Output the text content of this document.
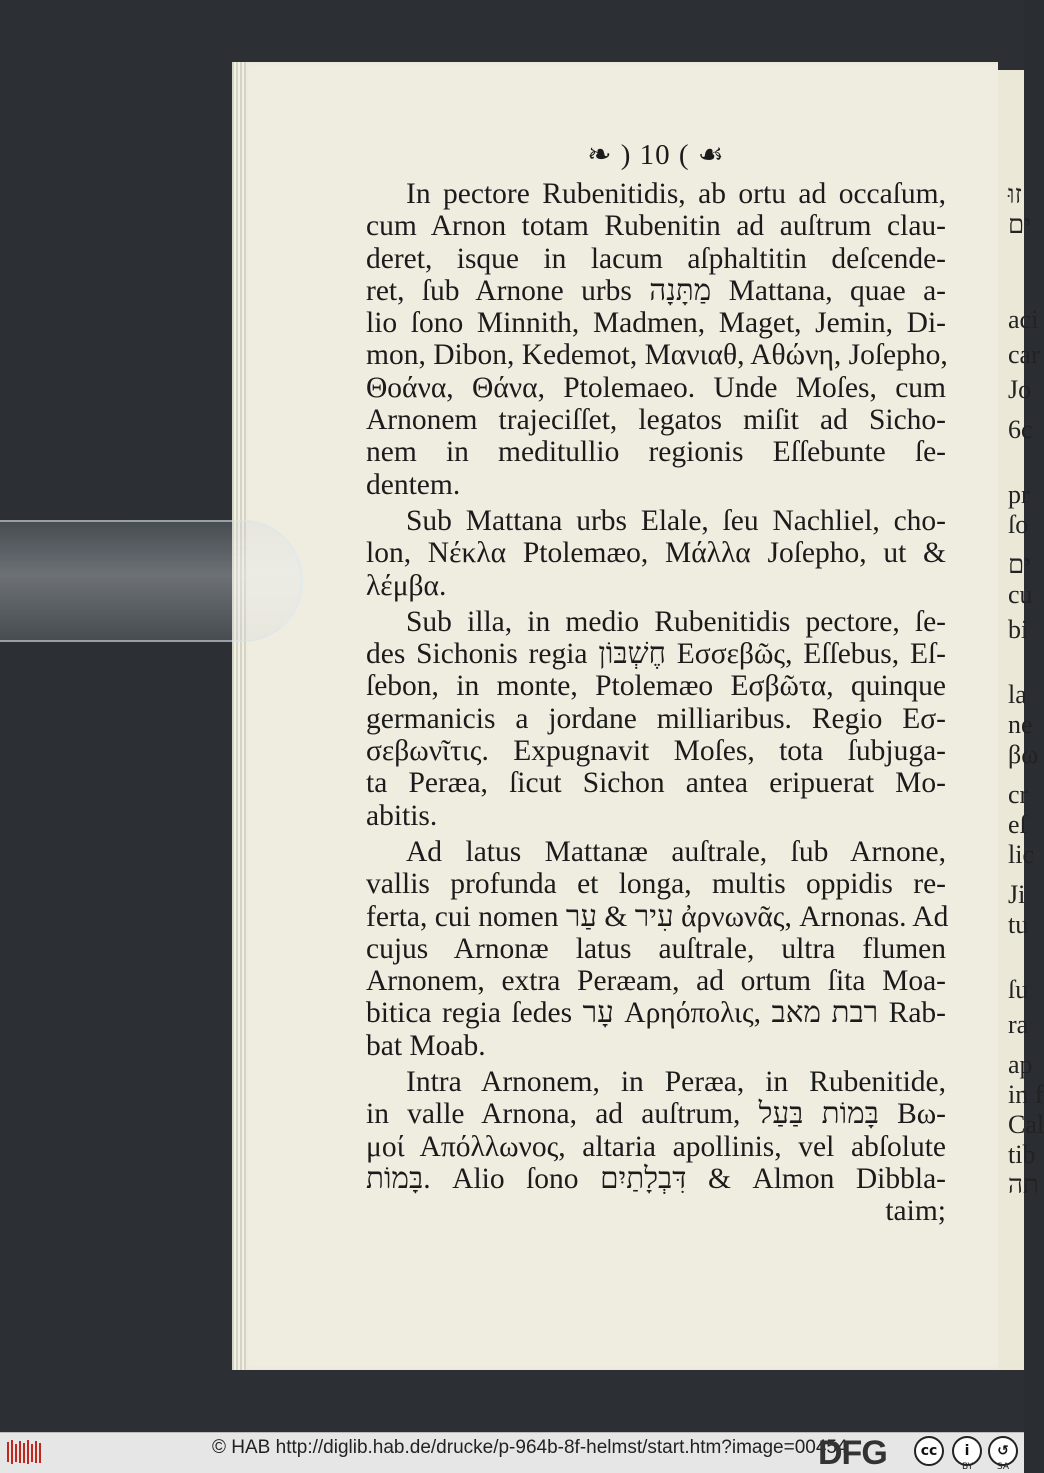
זוּ
ים
aci
car
Jo
6c
pr
ſo
ים
cu
bi
la
ne
βω
cr
eſ
lic
Ji
tu
ſu
ra
ap
in f
Cal
tib
תה
❧ ) 10 ( ☙
In pectore Rubenitidis, ab ortu ad occaſum,
cum Arnon totam Rubenitin ad auſtrum clau-
deret, isque in lacum aſphaltitin deſcende-
ret, ſub Arnone urbs מַתָּנָה Mattana, quae a-
lio ſono Minnith, Madmen, Maget, Jemin, Di-
mon, Dibon, Kedemot, Μανιαθ, Αθώνη, Joſepho,
Θοάνα, Θάνα, Ptolemaeo. Unde Moſes, cum
Arnonem trajeciſſet, legatos miſit ad Sicho-
nem in meditullio regionis Eſſebunte ſe-
dentem.
Sub Mattana urbs Elale, ſeu Nachliel, cho-
lon, Νέκλα Ptolemæo, Μάλλα Joſepho, ut &
λέμβα.
Sub illa, in medio Rubenitidis pectore, ſe-
des Sichonis regia חֶשְׁבּוֹן Εσσεβῶς, Eſſebus, Eſ-
ſebon, in monte, Ptolemæo Εσβῶτα, quinque
germanicis a jordane milliaribus. Regio Εσ-
σεβωνῖτις. Expugnavit Moſes, tota ſubjuga-
ta Peræa, ſicut Sichon antea eripuerat Mo-
abitis.
Ad latus Mattanæ auſtrale, ſub Arnone,
vallis profunda et longa, multis oppidis re-
ferta, cui nomen עִיר & עַר ἀρνωνᾶς, Arnonas. Ad
cujus Arnonæ latus auſtrale, ultra flumen
Arnonem, extra Peræam, ad ortum ſita Moa-
bitica regia ſedes עָר Αρηόπολις, רבת מאב Rab-
bat Moab.
Intra Arnonem, in Peræa, in Rubenitide,
in valle Arnona, ad auſtrum, בָּמוֹת בַּעַל Βω-
μοί Απόλλωνος, altaria apollinis, vel abſolute
בָּמוֹת. Alio ſono דִּבְלָתַיִם & Almon Dibbla-
taim;
© HAB http://diglib.hab.de/drucke/p-964b-8f-helmst/start.htm?image=00454
DFG	cc	i	↺
BY	SA
